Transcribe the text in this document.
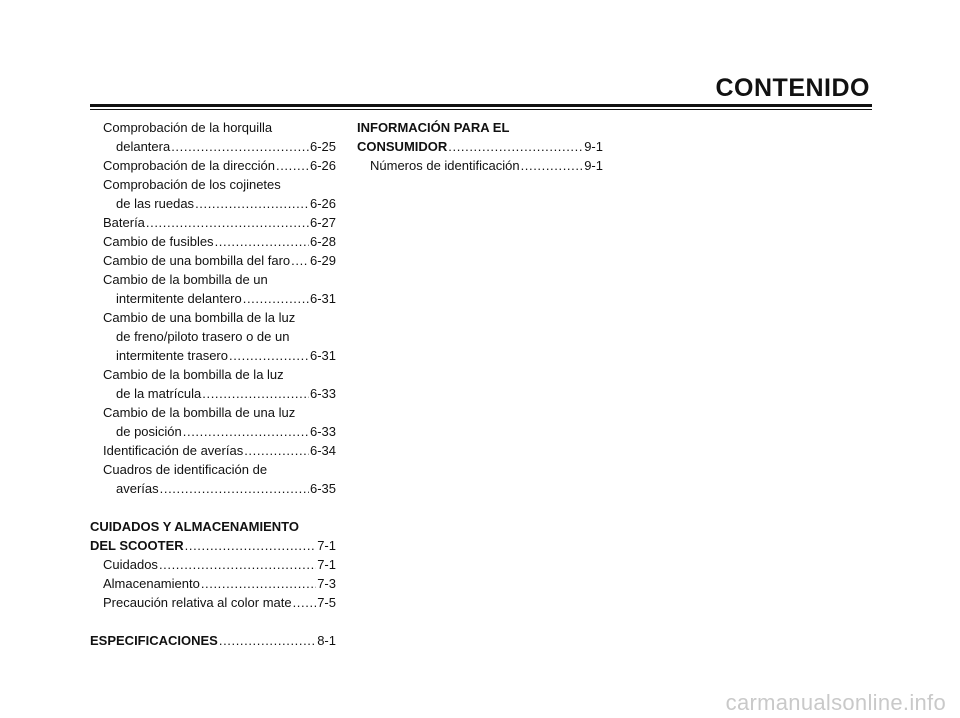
CONTENIDO
Comprobación de la horquilla
delantera .....	6-25
Comprobación de la dirección .....	6-26
Comprobación de los cojinetes
de las ruedas .....	6-26
Batería .....	6-27
Cambio de fusibles .....	6-28
Cambio de una bombilla del faro ..... 6-29
Cambio de la bombilla de un
intermitente delantero .....	6-31
Cambio de una bombilla de la luz
de freno/piloto trasero o de un
intermitente trasero .....	6-31
Cambio de la bombilla de la luz
de la matrícula .....	6-33
Cambio de la bombilla de una luz
de posición .....	6-33
Identificación de averías .....	6-34
Cuadros de identificación de
averías .....	6-35
CUIDADOS Y ALMACENAMIENTO
DEL SCOOTER .....	7-1
Cuidados .....	7-1
Almacenamiento .....	7-3
Precaución relativa al color mate ..... 7-5
ESPECIFICACIONES .....	8-1
INFORMACIÓN PARA EL
CONSUMIDOR .....	9-1
Números de identificación .....	9-1
carmanualsonline.info
